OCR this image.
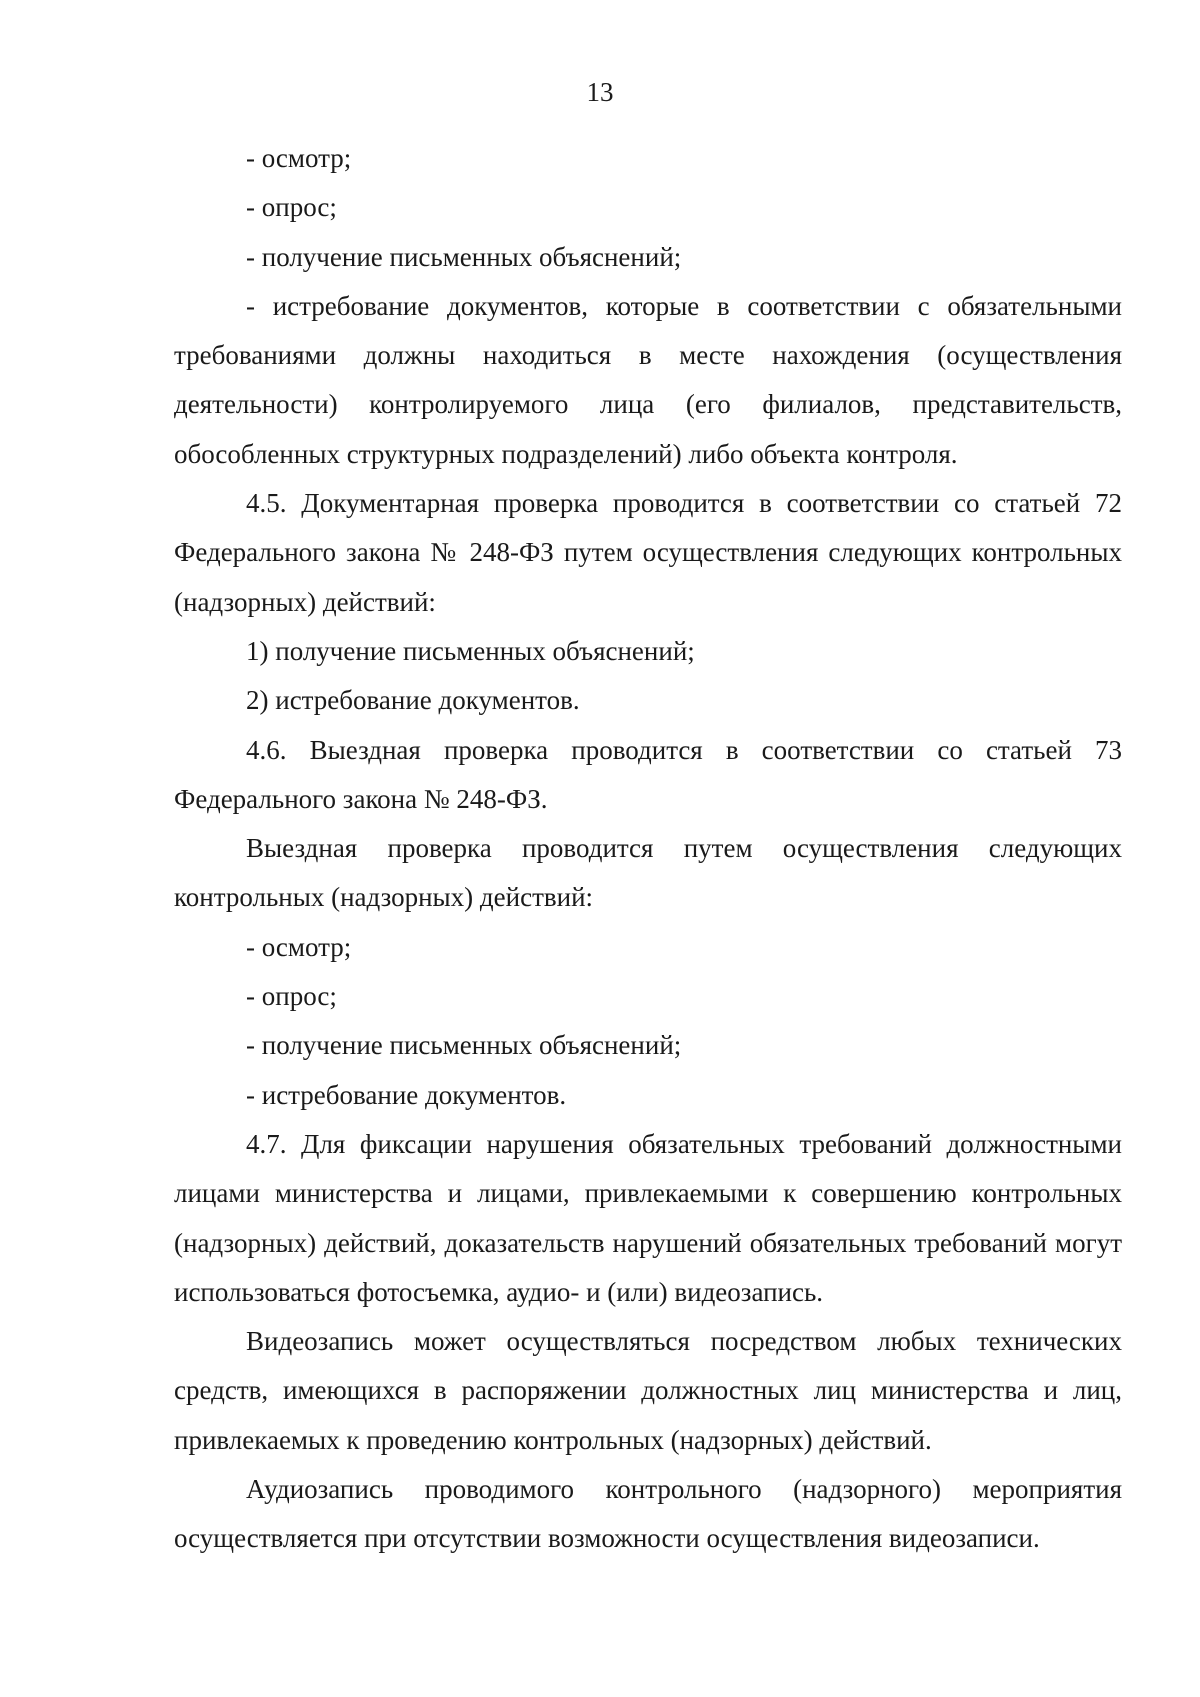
13

- осмотр;

- опрос;

- получение письменных объяснений;

- истребование документов, которые в соответствии с обязательными требованиями должны находиться в месте нахождения (осуществления деятельности) контролируемого лица (его филиалов, представительств, обособленных структурных подразделений) либо объекта контроля.

4.5. Документарная проверка проводится в соответствии со статьей 72 Федерального закона № 248-ФЗ путем осуществления следующих контрольных (надзорных) действий:

1) получение письменных объяснений;

2) истребование документов.

4.6. Выездная проверка проводится в соответствии со статьей 73 Федерального закона № 248-ФЗ.

Выездная проверка проводится путем осуществления следующих контрольных (надзорных) действий:

- осмотр;

- опрос;

- получение письменных объяснений;

- истребование документов.

4.7. Для фиксации нарушения обязательных требований должностными лицами министерства и лицами, привлекаемыми к совершению контрольных (надзорных) действий, доказательств нарушений обязательных требований могут использоваться фотосъемка, аудио- и (или) видеозапись.

Видеозапись может осуществляться посредством любых технических средств, имеющихся в распоряжении должностных лиц министерства и лиц, привлекаемых к проведению контрольных (надзорных) действий.

Аудиозапись проводимого контрольного (надзорного) мероприятия осуществляется при отсутствии возможности осуществления видеозаписи.
